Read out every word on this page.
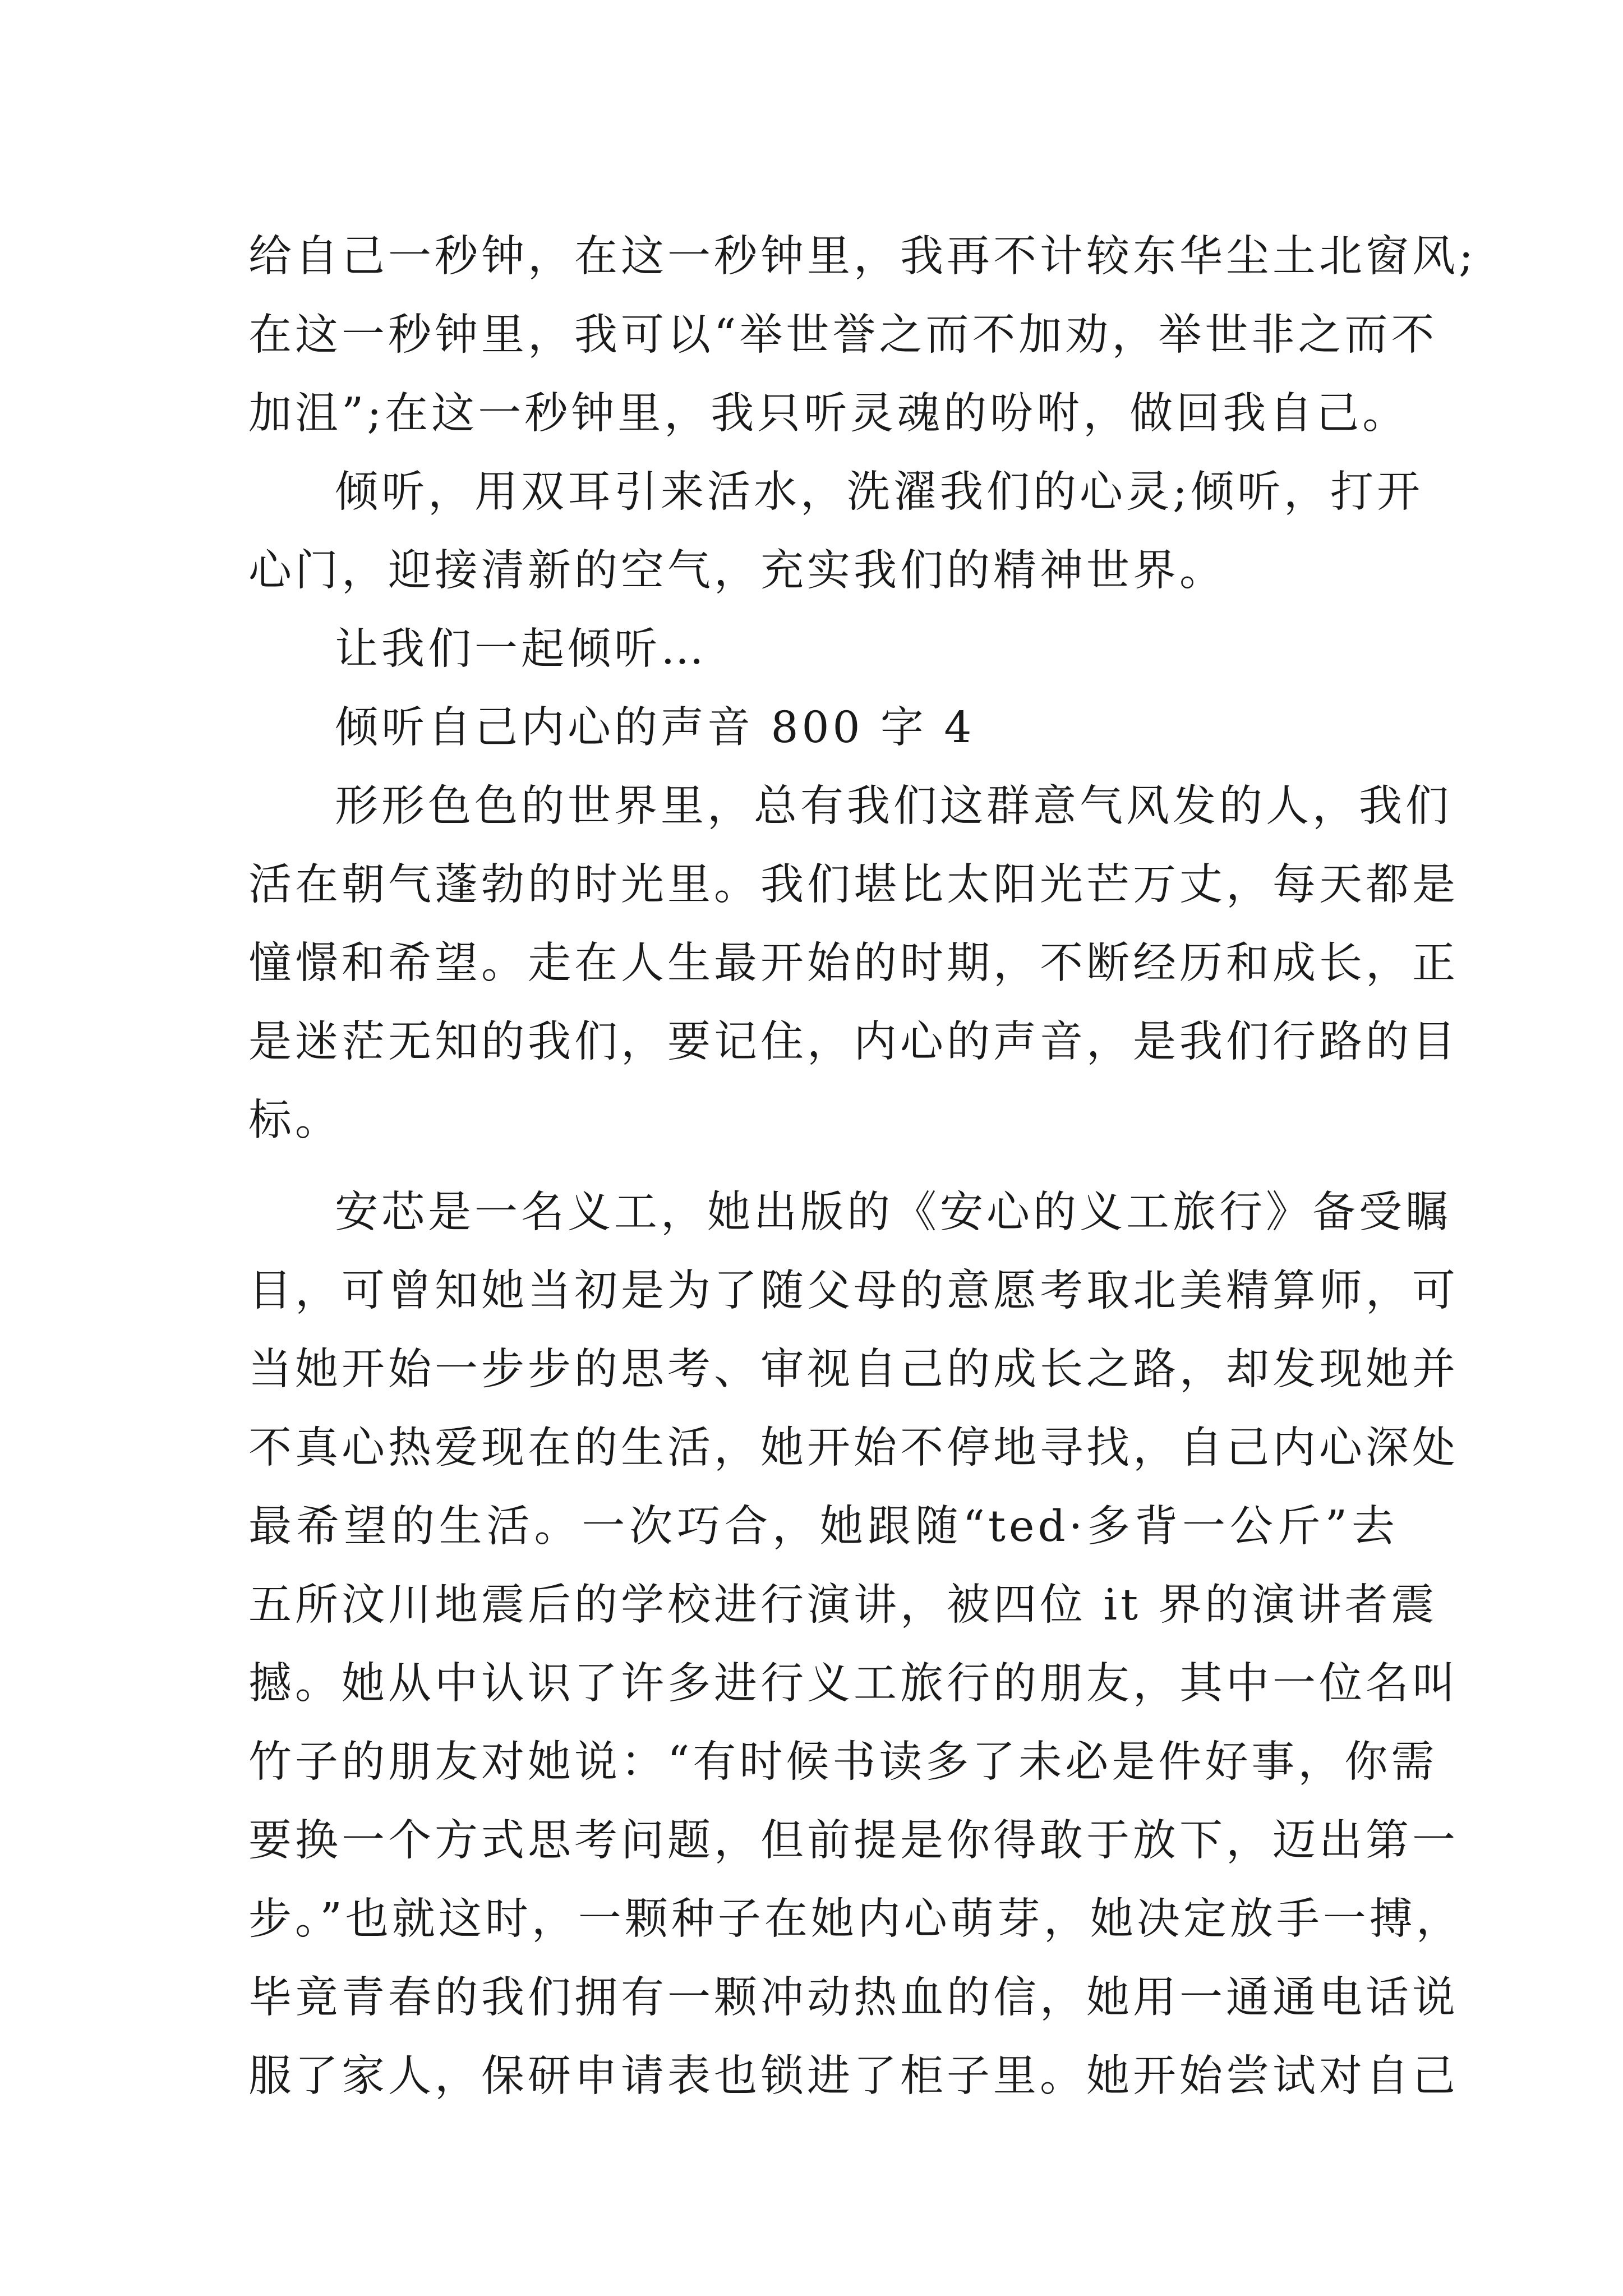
给自己一秒钟，在这一秒钟里，我再不计较东华尘土北窗风;
在这一秒钟里，我可以“举世誉之而不加劝，举世非之而不
加沮”;在这一秒钟里，我只听灵魂的吩咐，做回我自己。
倾听，用双耳引来活水，洗濯我们的心灵;倾听，打开
心门，迎接清新的空气，充实我们的精神世界。
让我们一起倾听…
倾听自己内心的声音 800 字 4
形形色色的世界里，总有我们这群意气风发的人，我们
活在朝气蓬勃的时光里。我们堪比太阳光芒万丈，每天都是
憧憬和希望。走在人生最开始的时期，不断经历和成长，正
是迷茫无知的我们，要记住，内心的声音，是我们行路的目
标。
安芯是一名义工，她出版的《安心的义工旅行》备受瞩
目，可曾知她当初是为了随父母的意愿考取北美精算师，可
当她开始一步步的思考、审视自己的成长之路，却发现她并
不真心热爱现在的生活，她开始不停地寻找，自己内心深处
最希望的生活。一次巧合，她跟随“ted·多背一公斤”去
五所汶川地震后的学校进行演讲，被四位 it 界的演讲者震
撼。她从中认识了许多进行义工旅行的朋友，其中一位名叫
竹子的朋友对她说：“有时候书读多了未必是件好事，你需
要换一个方式思考问题，但前提是你得敢于放下，迈出第一
步。”也就这时，一颗种子在她内心萌芽，她决定放手一搏，
毕竟青春的我们拥有一颗冲动热血的信，她用一通通电话说
服了家人，保研申请表也锁进了柜子里。她开始尝试对自己
